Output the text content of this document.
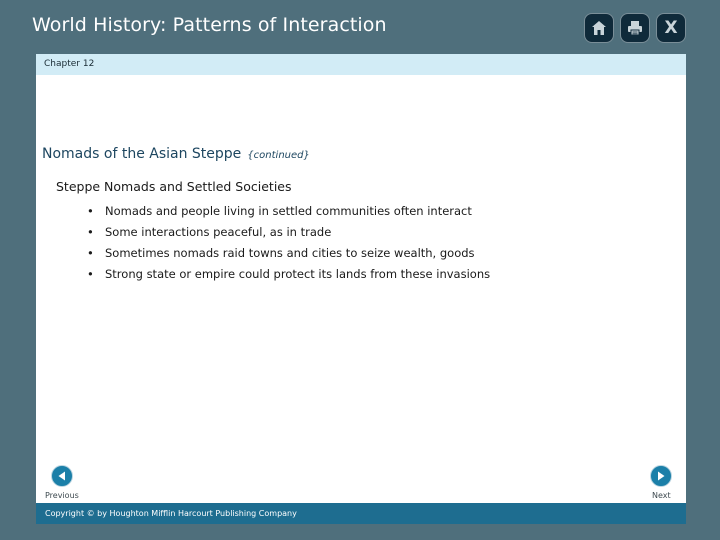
World History: Patterns of Interaction	X
Chapter 12
Nomads of the Asian Steppe {continued}
Steppe Nomads and Settled Societies
• Nomads and people living in settled communities often interact
• Some interactions peaceful, as in trade
• Sometimes nomads raid towns and cities to seize wealth, goods
• Strong state or empire could protect its lands from these invasions
Previous	Next
Copyright © by Houghton Mifflin Harcourt Publishing Company
